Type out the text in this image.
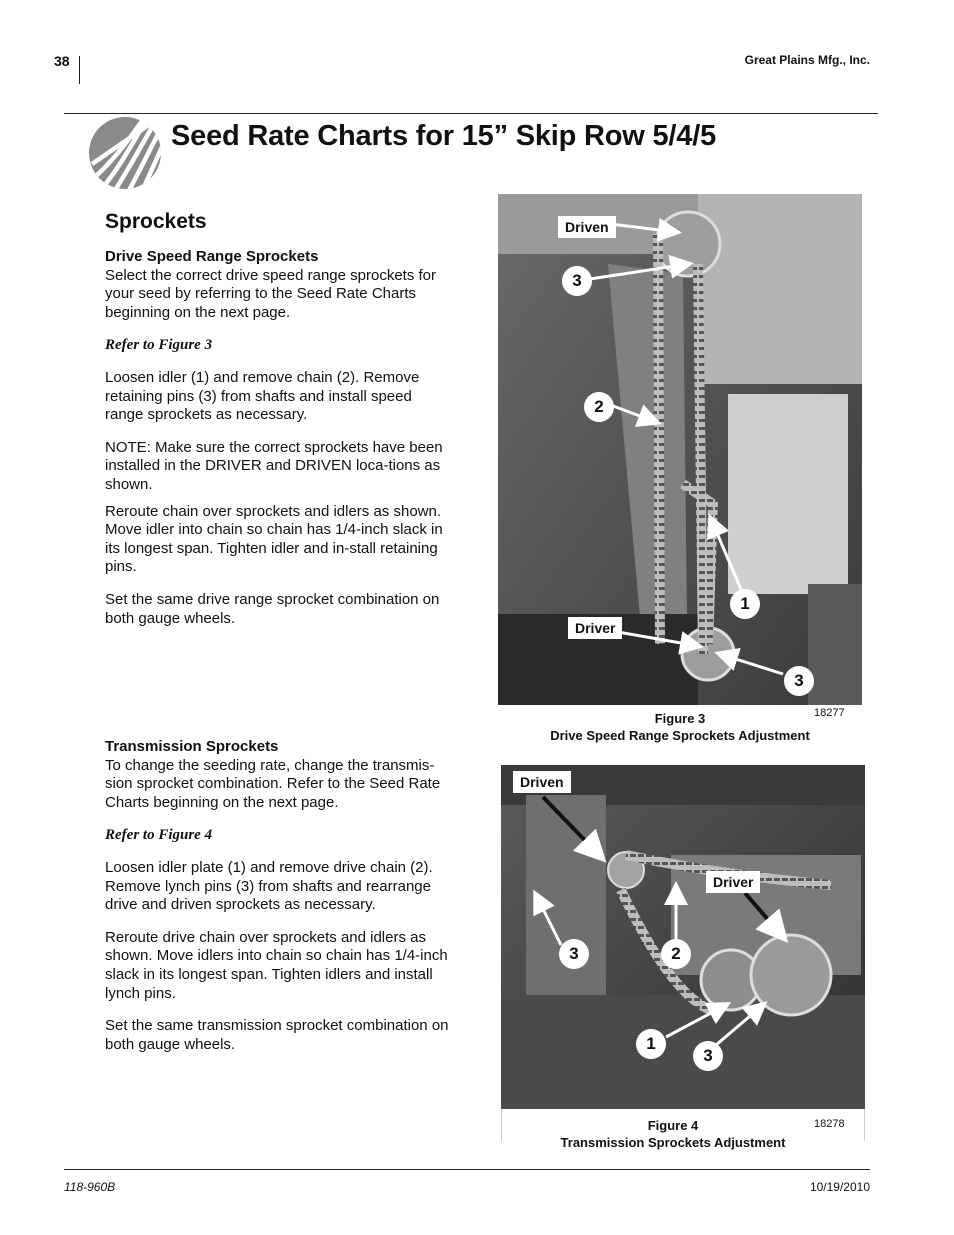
38	Great Plains Mfg., Inc.
Seed Rate Charts for 15” Skip Row 5/4/5
Sprockets

Drive Speed Range Sprockets

Select the correct drive speed range sprockets for your seed by referring to the Seed Rate Charts beginning on the next page.

Refer to Figure 3

Loosen idler (1) and remove chain (2). Remove retaining pins (3) from shafts and install speed range sprockets as necessary.

NOTE: Make sure the correct sprockets have been installed in the DRIVER and DRIVEN loca-tions as shown.

Reroute chain over sprockets and idlers as shown. Move idler into chain so chain has 1/4-inch slack in its longest span. Tighten idler and in-stall retaining pins.

Set the same drive range sprocket combination on both gauge wheels.

Transmission Sprockets

To change the seeding rate, change the transmis-sion sprocket combination. Refer to the Seed Rate Charts beginning on the next page.

Refer to Figure 4

Loosen idler plate (1) and remove drive chain (2). Remove lynch pins (3) from shafts and rearrange drive and driven sprockets as necessary.

Reroute drive chain over sprockets and idlers as shown. Move idlers into chain so chain has 1/4-inch slack in its longest span. Tighten idlers and install lynch pins.

Set the same transmission sprocket combination on both gauge wheels.

Driven
Driver
3
2
1
3
Figure 3
Drive Speed Range Sprockets Adjustment
18277
Driven
Driver
3	2
1
3
Figure 4
Transmission Sprockets Adjustment
18278
118-960B	10/19/2010
